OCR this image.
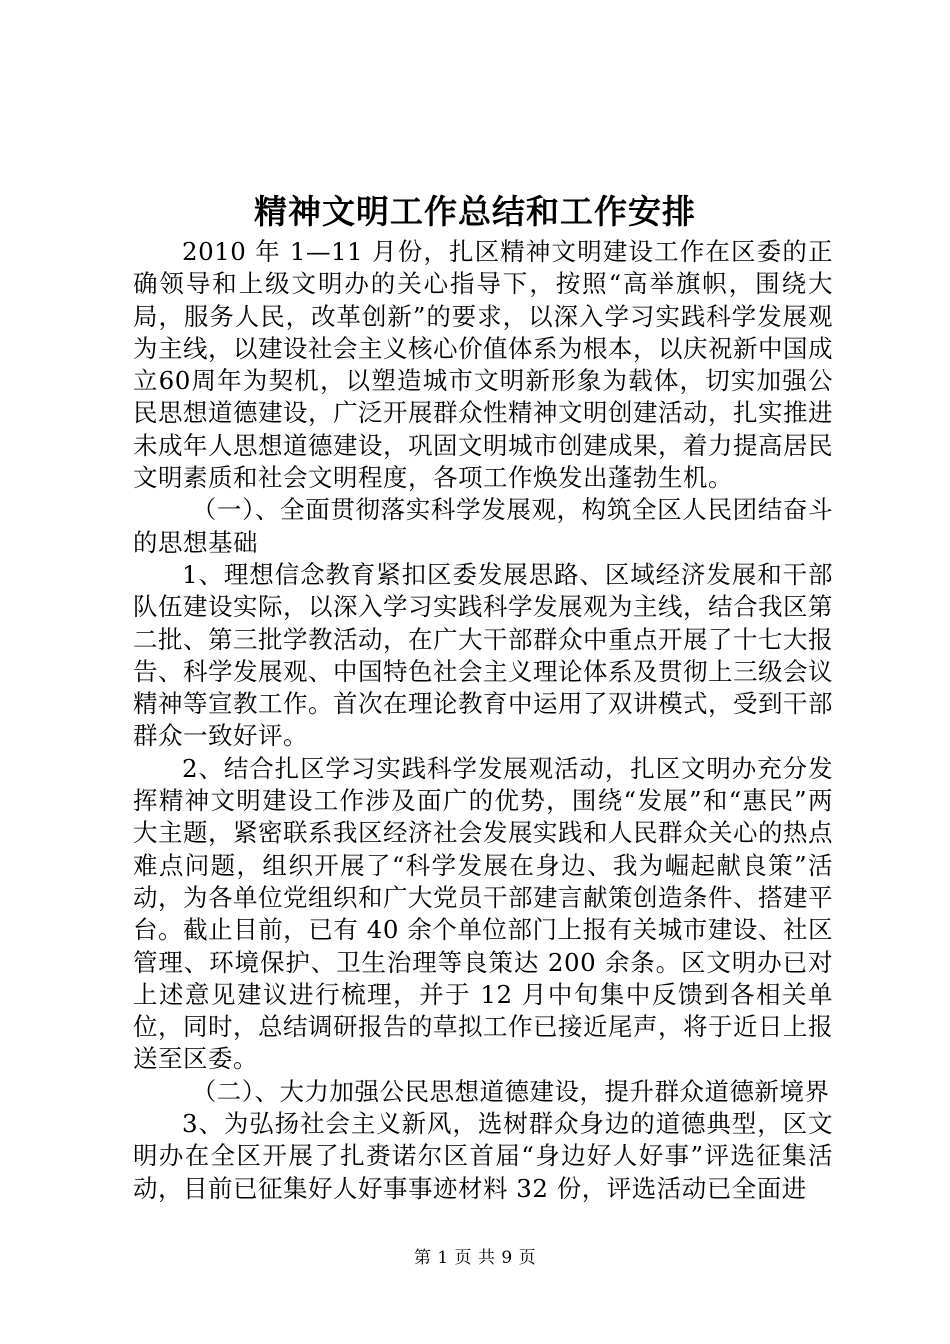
精神文明工作总结和工作安排

2010 年 1—11 月份，扎区精神文明建设工作在区委的正确领导和上级文明办的关心指导下，按照“高举旗帜，围绕大局，服务人民，改革创新”的要求，以深入学习实践科学发展观为主线，以建设社会主义核心价值体系为根本，以庆祝新中国成立60周年为契机，以塑造城市文明新形象为载体，切实加强公民思想道德建设，广泛开展群众性精神文明创建活动，扎实推进未成年人思想道德建设，巩固文明城市创建成果，着力提高居民文明素质和社会文明程度，各项工作焕发出蓬勃生机。

（一）、全面贯彻落实科学发展观，构筑全区人民团结奋斗的思想基础

1、理想信念教育紧扣区委发展思路、区域经济发展和干部队伍建设实际，以深入学习实践科学发展观为主线，结合我区第二批、第三批学教活动，在广大干部群众中重点开展了十七大报告、科学发展观、中国特色社会主义理论体系及贯彻上三级会议精神等宣教工作。首次在理论教育中运用了双讲模式，受到干部群众一致好评。

2、结合扎区学习实践科学发展观活动，扎区文明办充分发挥精神文明建设工作涉及面广的优势，围绕“发展”和“惠民”两大主题，紧密联系我区经济社会发展实践和人民群众关心的热点难点问题，组织开展了“科学发展在身边、我为崛起献良策”活动，为各单位党组织和广大党员干部建言献策创造条件、搭建平台。截止目前，已有 40 余个单位部门上报有关城市建设、社区管理、环境保护、卫生治理等良策达 200 余条。区文明办已对上述意见建议进行梳理，并于 12 月中旬集中反馈到各相关单位，同时，总结调研报告的草拟工作已接近尾声，将于近日上报送至区委。

（二）、大力加强公民思想道德建设，提升群众道德新境界

3、为弘扬社会主义新风，选树群众身边的道德典型，区文明办在全区开展了扎赉诺尔区首届“身边好人好事”评选征集活动，目前已征集好人好事事迹材料 32 份，评选活动已全面进

第 1 页 共 9 页
